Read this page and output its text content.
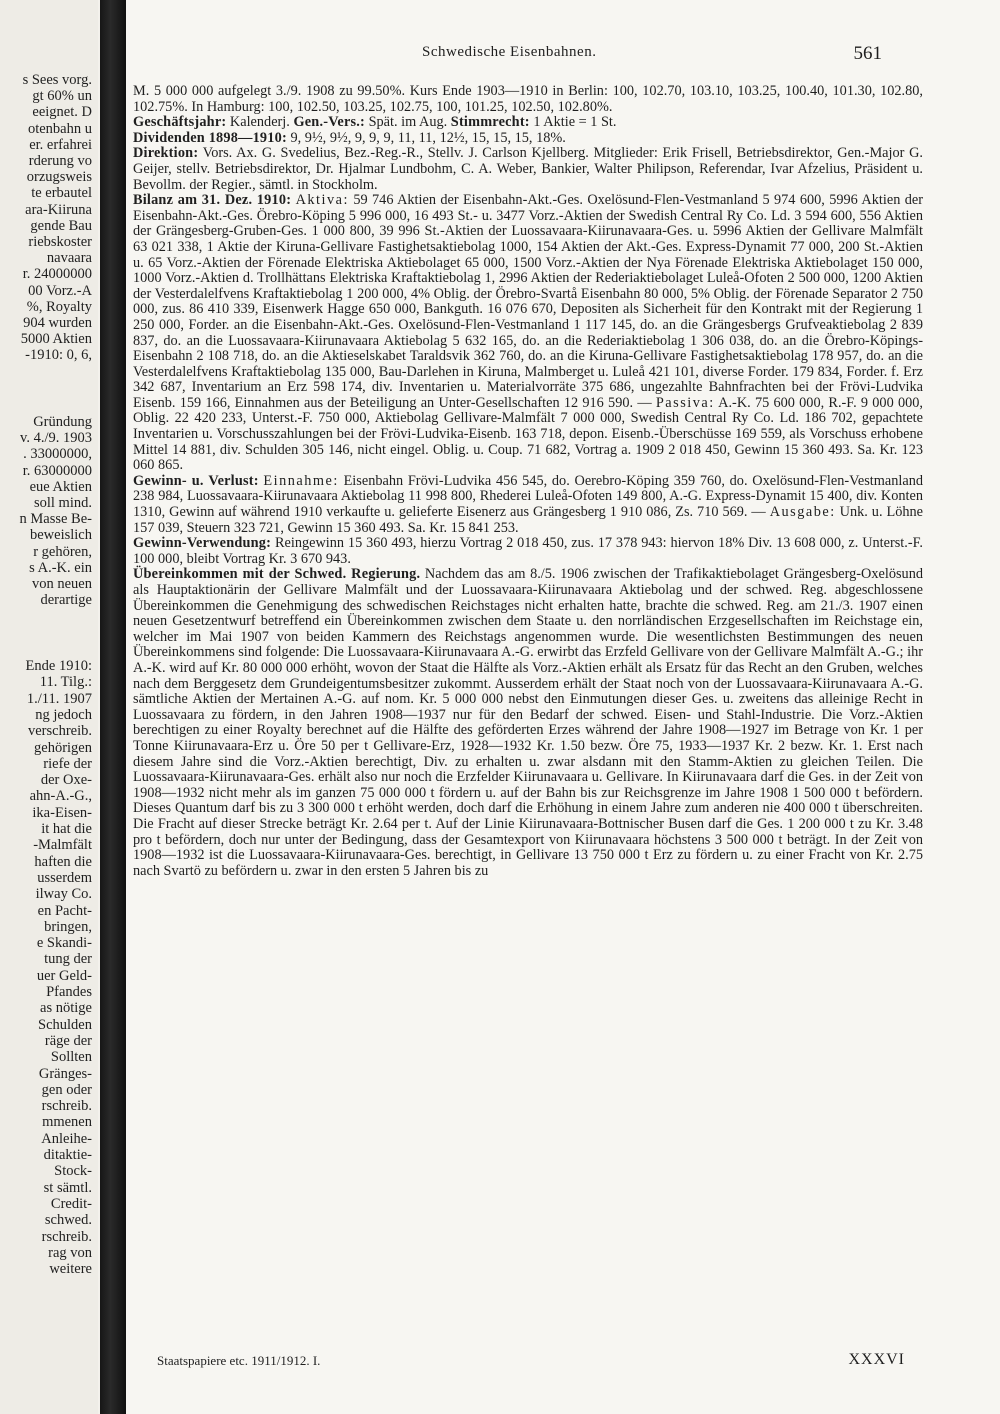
s Sees vorg.
gt 60% un
eeignet. D
otenbahn u
er. erfahrei
rderung vo
orzugsweis
te erbautel
ara-Kiiruna
gende Bau
riebskoster
navaara
r. 24000000
00 Vorz.-A
%, Royalty
904 wurden
5000 Aktien
-1910: 0, 6,
Gründung
v. 4./9. 1903
. 33000000,
r. 63000000
eue Aktien
soll mind.
n Masse Be-
beweislich
r gehören,
s A.-K. ein
von neuen
derartige
Ende 1910:
11. Tilg.:
1./11. 1907
ng jedoch
verschreib.
gehörigen
riefe der
der Oxe-
ahn-A.-G.,
ika-Eisen-
it hat die
-Malmfält
haften die
usserdem
ilway Co.
en Pacht-
bringen,
e Skandi-
tung der
uer Geld-
Pfandes
as nötige
Schulden
räge der
Sollten
Gränges-
gen oder
rschreib.
mmenen
Anleihe-
ditaktie-
Stock-
st sämtl.
Credit-
schwed.
rschreib.
rag von
weitere
Schwedische Eisenbahnen.	561

M. 5 000 000 aufgelegt 3./9. 1908 zu 99.50%. Kurs Ende 1903—1910 in Berlin: 100, 102.70, 103.10, 103.25, 100.40, 101.30, 102.80, 102.75%. In Hamburg: 100, 102.50, 103.25, 102.75, 100, 101.25, 102.50, 102.80%.

Geschäftsjahr: Kalenderj. Gen.-Vers.: Spät. im Aug. Stimmrecht: 1 Aktie = 1 St.

Dividenden 1898—1910: 9, 9½, 9½, 9, 9, 9, 11, 11, 12½, 15, 15, 15, 18%.

Direktion: Vors. Ax. G. Svedelius, Bez.-Reg.-R., Stellv. J. Carlson Kjellberg. Mitglieder: Erik Frisell, Betriebsdirektor, Gen.-Major G. Geijer, stellv. Betriebsdirektor, Dr. Hjalmar Lundbohm, C. A. Weber, Bankier, Walter Philipson, Referendar, Ivar Afzelius, Präsident u. Bevollm. der Regier., sämtl. in Stockholm.

Bilanz am 31. Dez. 1910: Aktiva: 59 746 Aktien der Eisenbahn-Akt.-Ges. Oxelösund-Flen-Vestmanland 5 974 600, 5996 Aktien der Eisenbahn-Akt.-Ges. Örebro-Köping 5 996 000, 16 493 St.- u. 3477 Vorz.-Aktien der Swedish Central Ry Co. Ld. 3 594 600, 556 Aktien der Grängesberg-Gruben-Ges. 1 000 800, 39 996 St.-Aktien der Luossavaara-Kiirunavaara-Ges. u. 5996 Aktien der Gellivare Malmfält 63 021 338, 1 Aktie der Kiruna-Gellivare Fastighetsaktiebolag 1000, 154 Aktien der Akt.-Ges. Express-Dynamit 77 000, 200 St.-Aktien u. 65 Vorz.-Aktien der Förenade Elektriska Aktiebolaget 65 000, 1500 Vorz.-Aktien der Nya Förenade Elektriska Aktiebolaget 150 000, 1000 Vorz.-Aktien d. Trollhättans Elektriska Kraftaktiebolag 1, 2996 Aktien der Rederiaktiebolaget Luleå-Ofoten 2 500 000, 1200 Aktien der Vesterdalelfvens Kraftaktiebolag 1 200 000, 4% Oblig. der Örebro-Svartå Eisenbahn 80 000, 5% Oblig. der Förenade Separator 2 750 000, zus. 86 410 339, Eisenwerk Hagge 650 000, Bankguth. 16 076 670, Depositen als Sicherheit für den Kontrakt mit der Regierung 1 250 000, Forder. an die Eisenbahn-Akt.-Ges. Oxelösund-Flen-Vestmanland 1 117 145, do. an die Grängesbergs Grufveaktiebolag 2 839 837, do. an die Luossavaara-Kiirunavaara Aktiebolag 5 632 165, do. an die Rederiaktiebolag 1 306 038, do. an die Örebro-Köpings-Eisenbahn 2 108 718, do. an die Aktieselskabet Taraldsvik 362 760, do. an die Kiruna-Gellivare Fastighetsaktiebolag 178 957, do. an die Vesterdalelfvens Kraftaktiebolag 135 000, Bau-Darlehen in Kiruna, Malmberget u. Luleå 421 101, diverse Forder. 179 834, Forder. f. Erz 342 687, Inventarium an Erz 598 174, div. Inventarien u. Materialvorräte 375 686, ungezahlte Bahnfrachten bei der Frövi-Ludvika Eisenb. 159 166, Einnahmen aus der Beteiligung an Unter-Gesellschaften 12 916 590. — Passiva: A.-K. 75 600 000, R.-F. 9 000 000, Oblig. 22 420 233, Unterst.-F. 750 000, Aktiebolag Gellivare-Malmfält 7 000 000, Swedish Central Ry Co. Ld. 186 702, gepachtete Inventarien u. Vorschusszahlungen bei der Frövi-Ludvika-Eisenb. 163 718, depon. Eisenb.-Überschüsse 169 559, als Vorschuss erhobene Mittel 14 881, div. Schulden 305 146, nicht eingel. Oblig. u. Coup. 71 682, Vortrag a. 1909 2 018 450, Gewinn 15 360 493. Sa. Kr. 123 060 865.

Gewinn- u. Verlust: Einnahme: Eisenbahn Frövi-Ludvika 456 545, do. Oerebro-Köping 359 760, do. Oxelösund-Flen-Vestmanland 238 984, Luossavaara-Kiirunavaara Aktiebolag 11 998 800, Rhederei Luleå-Ofoten 149 800, A.-G. Express-Dynamit 15 400, div. Konten 1310, Gewinn auf während 1910 verkaufte u. gelieferte Eisenerz aus Grängesberg 1 910 086, Zs. 710 569. — Ausgabe: Unk. u. Löhne 157 039, Steuern 323 721, Gewinn 15 360 493. Sa. Kr. 15 841 253.

Gewinn-Verwendung: Reingewinn 15 360 493, hierzu Vortrag 2 018 450, zus. 17 378 943: hiervon 18% Div. 13 608 000, z. Unterst.-F. 100 000, bleibt Vortrag Kr. 3 670 943.

Übereinkommen mit der Schwed. Regierung. Nachdem das am 8./5. 1906 zwischen der Trafikaktiebolaget Grängesberg-Oxelösund als Hauptaktionärin der Gellivare Malmfält und der Luossavaara-Kiirunavaara Aktiebolag und der schwed. Reg. abgeschlossene Übereinkommen die Genehmigung des schwedischen Reichstages nicht erhalten hatte, brachte die schwed. Reg. am 21./3. 1907 einen neuen Gesetzentwurf betreffend ein Übereinkommen zwischen dem Staate u. den norrländischen Erzgesellschaften im Reichstage ein, welcher im Mai 1907 von beiden Kammern des Reichstags angenommen wurde. Die wesentlichsten Bestimmungen des neuen Übereinkommens sind folgende: Die Luossavaara-Kiirunavaara A.-G. erwirbt das Erzfeld Gellivare von der Gellivare Malmfält A.-G.; ihr A.-K. wird auf Kr. 80 000 000 erhöht, wovon der Staat die Hälfte als Vorz.-Aktien erhält als Ersatz für das Recht an den Gruben, welches nach dem Berggesetz dem Grundeigentumsbesitzer zukommt. Ausserdem erhält der Staat noch von der Luossavaara-Kiirunavaara A.-G. sämtliche Aktien der Mertainen A.-G. auf nom. Kr. 5 000 000 nebst den Einmutungen dieser Ges. u. zweitens das alleinige Recht in Luossavaara zu fördern, in den Jahren 1908—1937 nur für den Bedarf der schwed. Eisen- und Stahl-Industrie. Die Vorz.-Aktien berechtigen zu einer Royalty berechnet auf die Hälfte des geförderten Erzes während der Jahre 1908—1927 im Betrage von Kr. 1 per Tonne Kiirunavaara-Erz u. Öre 50 per t Gellivare-Erz, 1928—1932 Kr. 1.50 bezw. Öre 75, 1933—1937 Kr. 2 bezw. Kr. 1. Erst nach diesem Jahre sind die Vorz.-Aktien berechtigt, Div. zu erhalten u. zwar alsdann mit den Stamm-Aktien zu gleichen Teilen. Die Luossavaara-Kiirunavaara-Ges. erhält also nur noch die Erzfelder Kiirunavaara u. Gellivare. In Kiirunavaara darf die Ges. in der Zeit von 1908—1932 nicht mehr als im ganzen 75 000 000 t fördern u. auf der Bahn bis zur Reichsgrenze im Jahre 1908 1 500 000 t befördern. Dieses Quantum darf bis zu 3 300 000 t erhöht werden, doch darf die Erhöhung in einem Jahre zum anderen nie 400 000 t überschreiten. Die Fracht auf dieser Strecke beträgt Kr. 2.64 per t. Auf der Linie Kiirunavaara-Bottnischer Busen darf die Ges. 1 200 000 t zu Kr. 3.48 pro t befördern, doch nur unter der Bedingung, dass der Gesamtexport von Kiirunavaara höchstens 3 500 000 t beträgt. In der Zeit von 1908—1932 ist die Luossavaara-Kiirunavaara-Ges. berechtigt, in Gellivare 13 750 000 t Erz zu fördern u. zu einer Fracht von Kr. 2.75 nach Svartö zu befördern u. zwar in den ersten 5 Jahren bis zu

Staatspapiere etc. 1911/1912. I.	XXXVI
